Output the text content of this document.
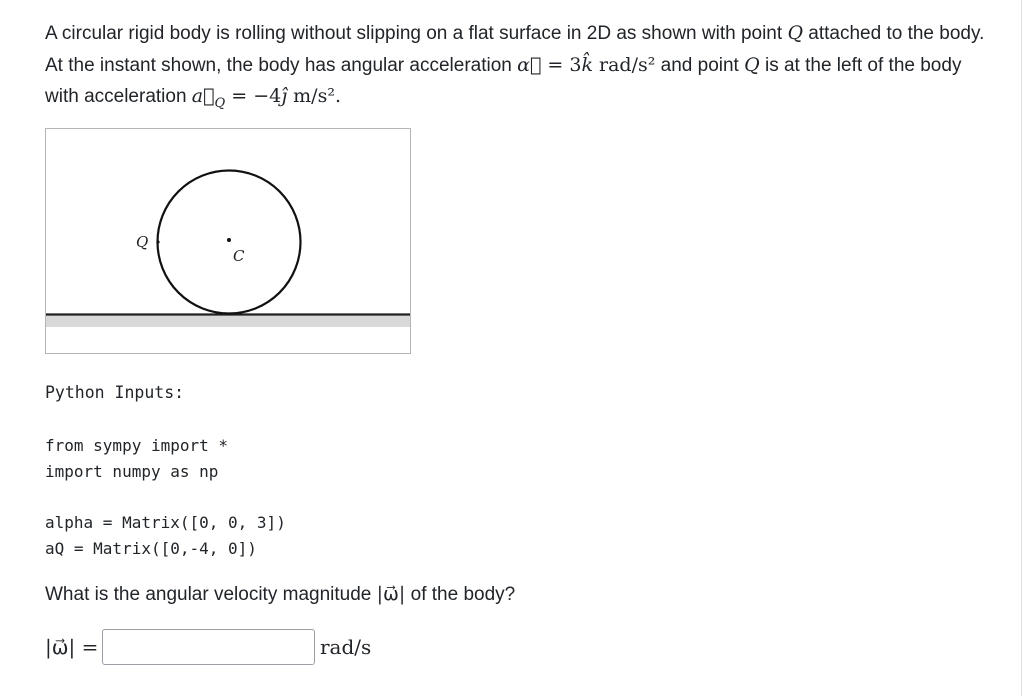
A circular rigid body is rolling without slipping on a flat surface in 2D as shown with point Q attached to the body. At the instant shown, the body has angular acceleration α⃗ = 3k̂ rad/s² and point Q is at the left of the body with acceleration $a⃗_Q$ = −4ĵ m/s².

C
Q

Python Inputs:

from sympy import *
import numpy as np
alpha = Matrix([0, 0, 3])
aQ = Matrix([0,-4, 0])

What is the angular velocity magnitude |ω⃗| of the body?

|ω⃗| =	rad/s
